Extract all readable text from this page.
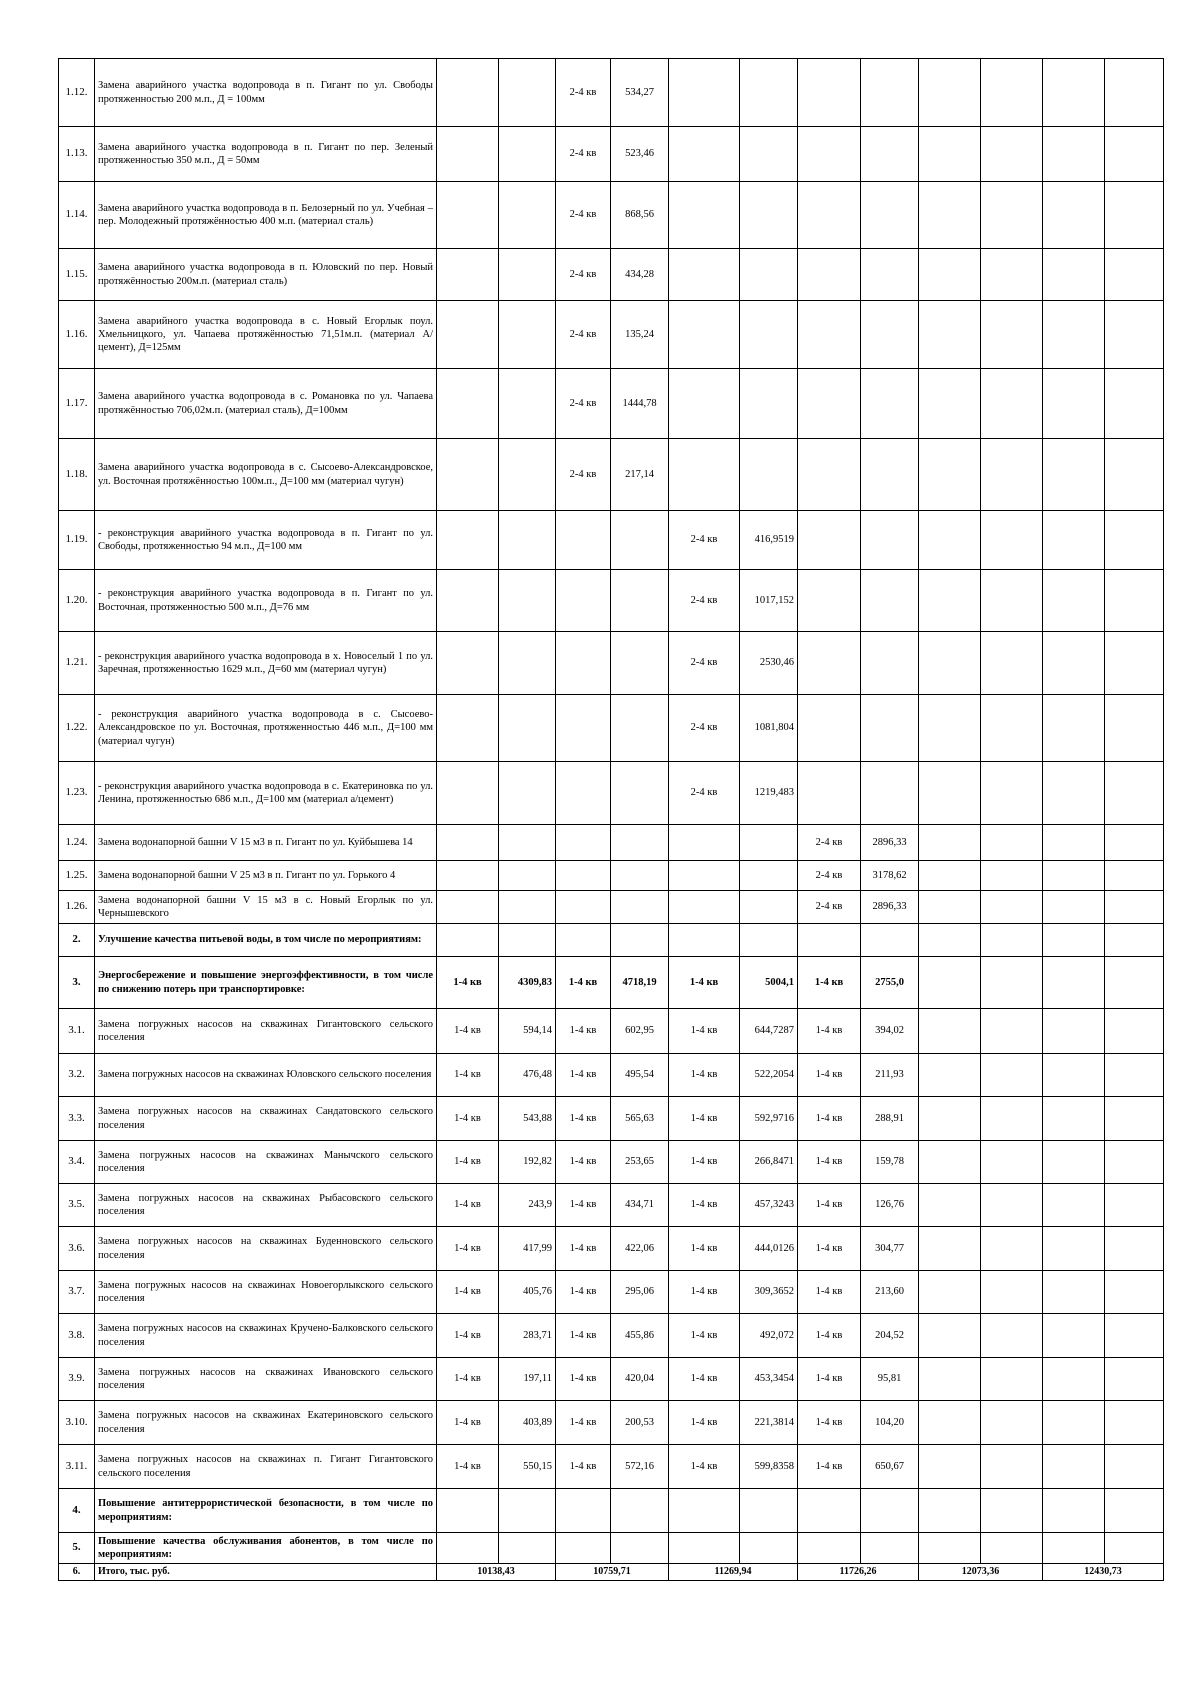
1.12.	Замена аварийного участка водопровода в п. Гигант по ул. Свободы протяженностью 200 м.п., Д = 100мм			2-4 кв	534,27								
1.13.	Замена аварийного участка водопровода в п. Гигант по пер. Зеленый протяженностью 350 м.п., Д = 50мм			2-4 кв	523,46								
1.14.	Замена аварийного участка водопровода в п. Белозерный по ул. Учебная – пер. Молодежный протяжённостью 400 м.п. (материал сталь)			2-4 кв	868,56								
1.15.	Замена аварийного участка водопровода в п. Юловский по пер. Новый протяжённостью 200м.п. (материал сталь)			2-4 кв	434,28								
1.16.	Замена аварийного участка водопровода в с. Новый Егорлык поул. Хмельницкого, ул. Чапаева протяжённостью 71,51м.п. (материал А/цемент), Д=125мм			2-4 кв	135,24								
1.17.	Замена аварийного участка водопровода в с. Романовка по ул. Чапаева протяжённостью 706,02м.п. (материал сталь), Д=100мм			2-4 кв	1444,78								
1.18.	Замена аварийного участка водопровода в с. Сысоево-Александровское, ул. Восточная протяжённостью 100м.п., Д=100 мм (материал чугун)			2-4 кв	217,14								
1.19.	- реконструкция аварийного участка водопровода в п. Гигант по ул. Свободы, протяженностью 94 м.п., Д=100 мм					2-4 кв	416,9519						
1.20.	- реконструкция аварийного участка водопровода в п. Гигант по ул. Восточная, протяженностью 500 м.п., Д=76 мм					2-4 кв	1017,152						
1.21.	- реконструкция аварийного участка водопровода в х. Новоселый 1 по ул. Заречная, протяженностью 1629 м.п., Д=60 мм (материал чугун)					2-4 кв	2530,46						
1.22.	- реконструкция аварийного участка водопровода в с. Сысоево-Александровское по ул. Восточная, протяженностью 446 м.п., Д=100 мм (материал чугун)					2-4 кв	1081,804						
1.23.	- реконструкция аварийного участка водопровода в с. Екатериновка по ул. Ленина, протяженностью 686 м.п., Д=100 мм (материал а/цемент)					2-4 кв	1219,483						
1.24.	Замена водонапорной башни V 15 м3 в п. Гигант по ул. Куйбышева 14							2-4 кв	2896,33				
1.25.	Замена водонапорной башни V 25 м3 в п. Гигант по ул. Горького 4							2-4 кв	3178,62				
1.26.	Замена водонапорной башни V 15 м3 в с. Новый Егорлык по ул. Чернышевского							2-4 кв	2896,33				
2.	Улучшение качества питьевой воды, в том числе по мероприятиям:												
3.	Энергосбережение и повышение энергоэффективности, в том числе по снижению потерь при транспортировке:	1-4 кв	4309,83	1-4 кв	4718,19	1-4 кв	5004,1	1-4 кв	2755,0				
3.1.	Замена погружных насосов на скважинах Гигантовского сельского поселения	1-4 кв	594,14	1-4 кв	602,95	1-4 кв	644,7287	1-4 кв	394,02				
3.2.	Замена погружных насосов на скважинах Юловского сельского поселения	1-4 кв	476,48	1-4 кв	495,54	1-4 кв	522,2054	1-4 кв	211,93				
3.3.	Замена погружных насосов на скважинах Сандатовского сельского поселения	1-4 кв	543,88	1-4 кв	565,63	1-4 кв	592,9716	1-4 кв	288,91				
3.4.	Замена погружных насосов на скважинах Манычского сельского поселения	1-4 кв	192,82	1-4 кв	253,65	1-4 кв	266,8471	1-4 кв	159,78				
3.5.	Замена погружных насосов на скважинах Рыбасовского сельского поселения	1-4 кв	243,9	1-4 кв	434,71	1-4 кв	457,3243	1-4 кв	126,76				
3.6.	Замена погружных насосов на скважинах Буденновского сельского поселения	1-4 кв	417,99	1-4 кв	422,06	1-4 кв	444,0126	1-4 кв	304,77				
3.7.	Замена погружных насосов на скважинах Новоегорлыкского сельского поселения	1-4 кв	405,76	1-4 кв	295,06	1-4 кв	309,3652	1-4 кв	213,60				
3.8.	Замена погружных насосов на скважинах Крученo-Балковского сельского поселения	1-4 кв	283,71	1-4 кв	455,86	1-4 кв	492,072	1-4 кв	204,52				
3.9.	Замена погружных насосов на скважинах Ивановского сельского поселения	1-4 кв	197,11	1-4 кв	420,04	1-4 кв	453,3454	1-4 кв	95,81				
3.10.	Замена погружных насосов на скважинах Екатериновского сельского поселения	1-4 кв	403,89	1-4 кв	200,53	1-4 кв	221,3814	1-4 кв	104,20				
3.11.	Замена погружных насосов на скважинах п. Гигант Гигантовского сельского поселения	1-4 кв	550,15	1-4 кв	572,16	1-4 кв	599,8358	1-4 кв	650,67				
4.	Повышение антитеррористической безопасности, в том числе по мероприятиям:												
5.	Повышение качества обслуживания абонентов, в том числе по мероприятиям:												
6.	Итого, тыс. руб.	10138,43		10759,71		11269,94		11726,26		12073,36		12430,73	
